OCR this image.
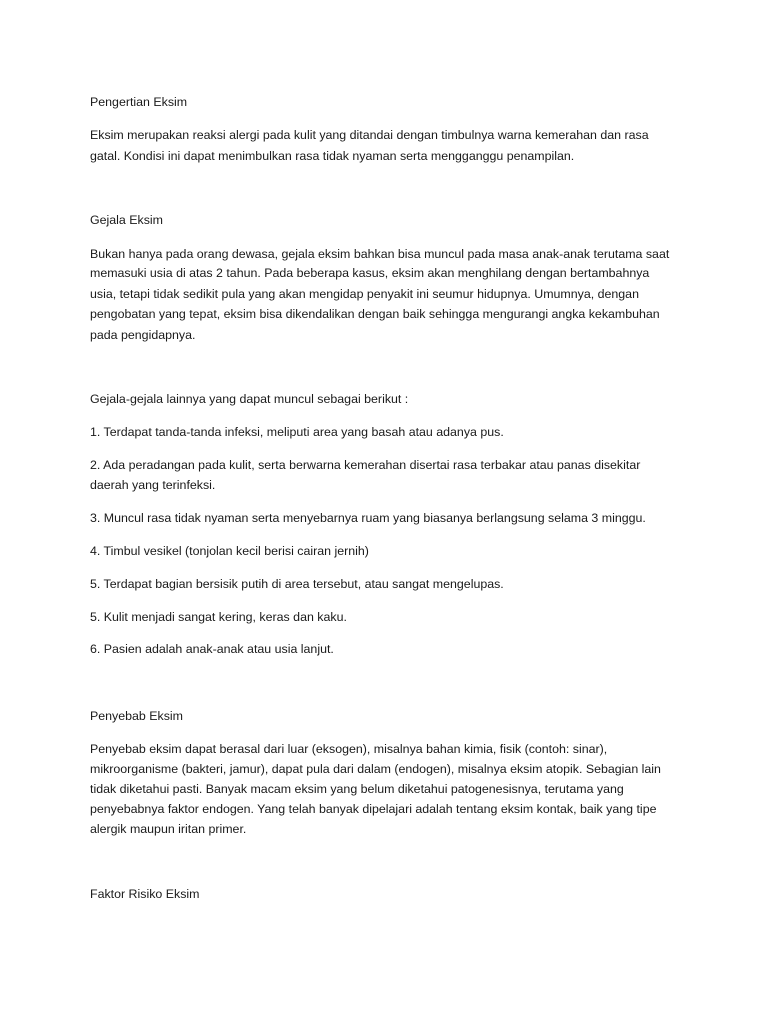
Pengertian Eksim
Eksim merupakan reaksi alergi pada kulit yang ditandai dengan timbulnya warna kemerahan dan rasa
gatal. Kondisi ini dapat menimbulkan rasa tidak nyaman serta mengganggu penampilan.
Gejala Eksim
Bukan hanya pada orang dewasa, gejala eksim bahkan bisa muncul pada masa anak-anak terutama saat
memasuki usia di atas 2 tahun. Pada beberapa kasus, eksim akan menghilang dengan bertambahnya
usia, tetapi tidak sedikit pula yang akan mengidap penyakit ini seumur hidupnya. Umumnya, dengan
pengobatan yang tepat, eksim bisa dikendalikan dengan baik sehingga mengurangi angka kekambuhan
pada pengidapnya.
Gejala-gejala lainnya yang dapat muncul sebagai berikut :
1. Terdapat tanda-tanda infeksi, meliputi area yang basah atau adanya pus.
2. Ada peradangan pada kulit, serta berwarna kemerahan disertai rasa terbakar atau panas disekitar
daerah yang terinfeksi.
3. Muncul rasa tidak nyaman serta menyebarnya ruam yang biasanya berlangsung selama 3 minggu.
4. Timbul vesikel (tonjolan kecil berisi cairan jernih)
5. Terdapat bagian bersisik putih di area tersebut, atau sangat mengelupas.
5. Kulit menjadi sangat kering, keras dan kaku.
6. Pasien adalah anak-anak atau usia lanjut.
Penyebab Eksim
Penyebab eksim dapat berasal dari luar (eksogen), misalnya bahan kimia, fisik (contoh: sinar),
mikroorganisme (bakteri, jamur), dapat pula dari dalam (endogen), misalnya eksim atopik. Sebagian lain
tidak diketahui pasti. Banyak macam eksim yang belum diketahui patogenesisnya, terutama yang
penyebabnya faktor endogen. Yang telah banyak dipelajari adalah tentang eksim kontak, baik yang tipe
alergik maupun iritan primer.
Faktor Risiko Eksim
